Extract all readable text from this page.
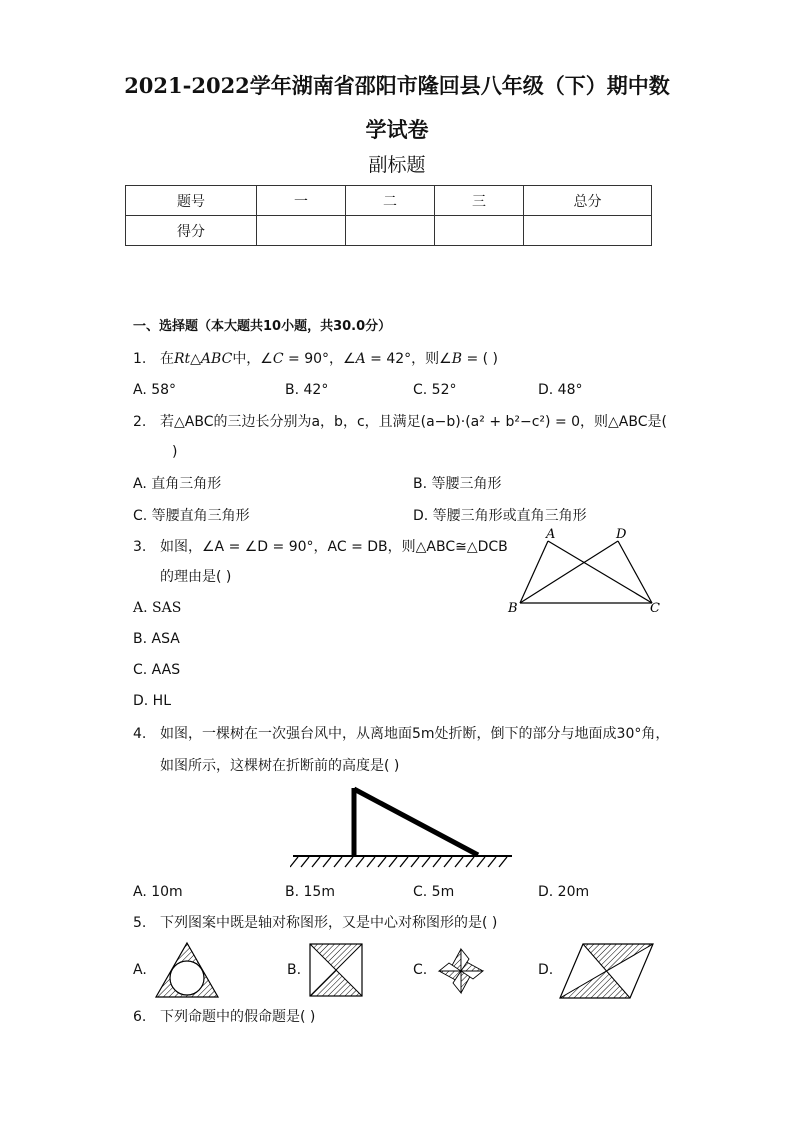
2021-2022学年湖南省邵阳市隆回县八年级（下）期中数
学试卷
副标题
题号	一	二	三	总分
得分				
一、选择题（本大题共10小题，共30.0分）
1. 在Rt△ABC中，∠C = 90°，∠A = 42°，则∠B = ( )
A. 58°	B. 42°	C. 52°	D. 48°
2. 若△ABC的三边长分别为a，b，c，且满足(a−b)·(a² + b²−c²) = 0，则△ABC是(
)
A. 直角三角形	B. 等腰三角形
C. 等腰直角三角形	D. 等腰三角形或直角三角形
3. 如图，∠A = ∠D = 90°，AC = DB，则△ABC≅△DCB
的理由是( )
A. SAS
B. ASA
C. AAS
D. HL
A	D
B	C
4. 如图，一棵树在一次强台风中，从离地面5m处折断，倒下的部分与地面成30°角，
如图所示，这棵树在折断前的高度是( )
A. 10m	B. 15m	C. 5m	D. 20m
5. 下列图案中既是轴对称图形，又是中心对称图形的是( )
A.	B.	C.	D.
6. 下列命题中的假命题是( )
